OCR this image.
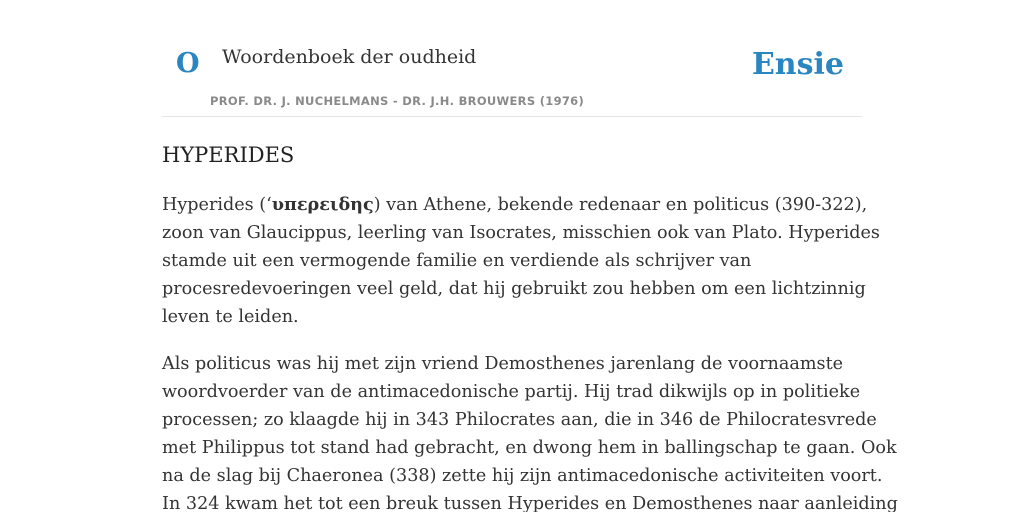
O Woordenboek der oudheid
PROF. DR. J. NUCHELMANS - DR. J.H. BROUWERS (1976)
Ensie
HYPERIDES

Hyperides (‘υπερειδης) van Athene, bekende redenaar en politicus (390-322),
zoon van Glaucippus, leerling van Isocrates, misschien ook van Plato. Hyperides
stamde uit een vermogende familie en verdiende als schrijver van
procesredevoeringen veel geld, dat hij gebruikt zou hebben om een lichtzinnig
leven te leiden.

Als politicus was hij met zijn vriend Demosthenes jarenlang de voornaamste
woordvoerder van de antimacedonische partij. Hij trad dikwijls op in politieke
processen; zo klaagde hij in 343 Philocrates aan, die in 346 de Philocratesvrede
met Philippus tot stand had gebracht, en dwong hem in ballingschap te gaan. Ook
na de slag bij Chaeronea (338) zette hij zijn antimacedonische activiteiten voort.
In 324 kwam het tot een breuk tussen Hyperides en Demosthenes naar aanleiding
